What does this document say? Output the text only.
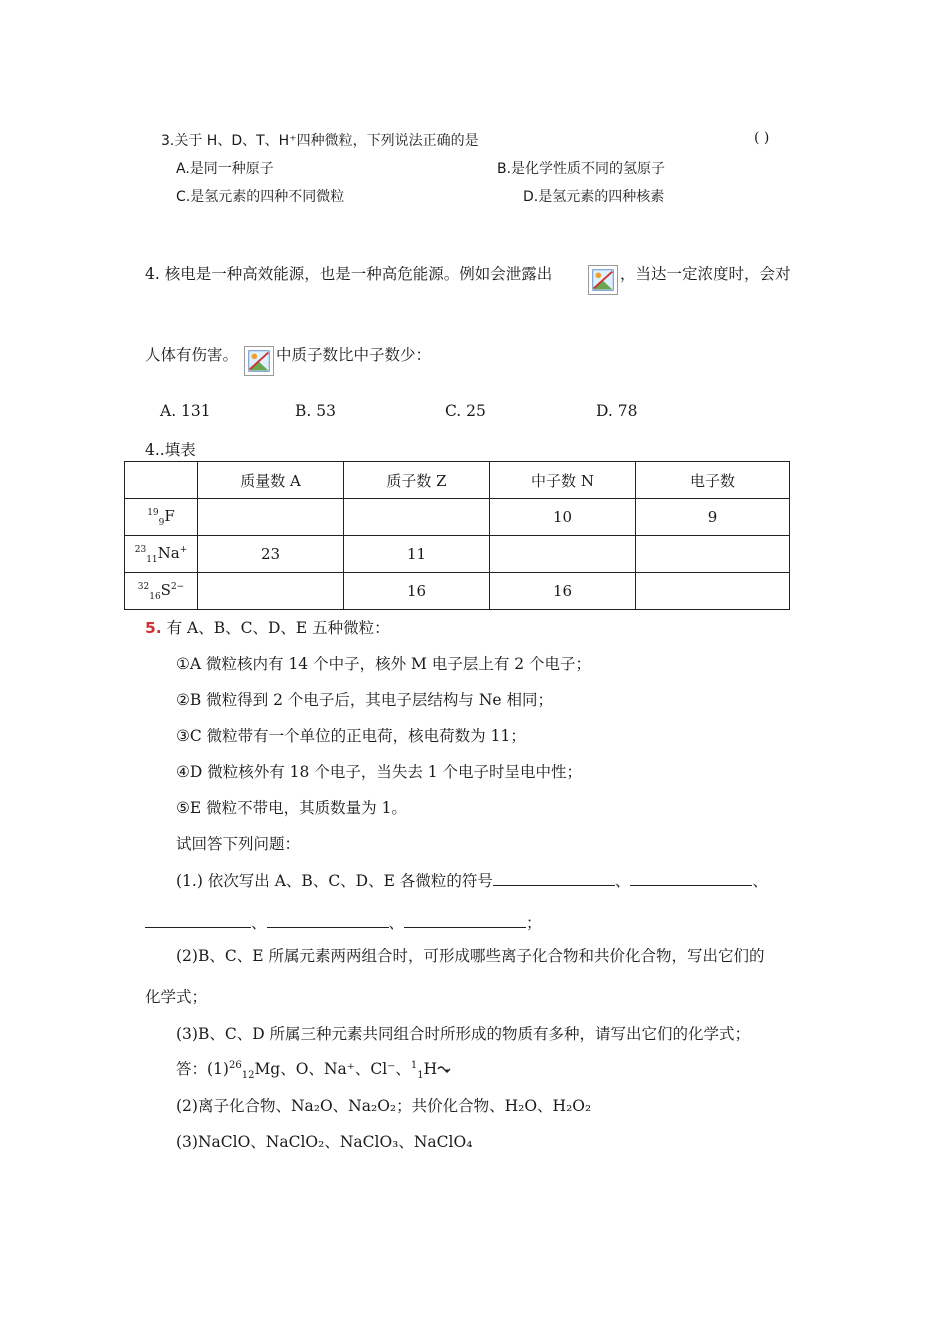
3.关于 H、D、T、H⁺四种微粒，下列说法正确的是	( )
A.是同一种原子	B.是化学性质不同的氢原子
C.是氢元素的四种不同微粒	D.是氢元素的四种核素
4. 核电是一种高效能源，也是一种高危能源。例如会泄露出	，当达一定浓度时，会对
人体有伤害。 中质子数比中子数少：
A. 131	B. 53	C. 25	D. 78
4..填表
	质量数 A	质子数 Z	中子数 N	电子数
$^{19}_9$F			10	9
$^{23}_{11}$Na+	23	11		
$^{32}_{16}S^{2-}$		16	16	
5. 有 A、B、C、D、E 五种微粒：
①A 微粒核内有 14 个中子，核外 M 电子层上有 2 个电子；
②B 微粒得到 2 个电子后，其电子层结构与 Ne 相同；
③C 微粒带有一个单位的正电荷，核电荷数为 11；
④D 微粒核外有 18 个电子，当失去 1 个电子时呈电中性；
⑤E 微粒不带电，其质数量为 1。
试回答下列问题：
(1.) 依次写出 A、B、C、D、E 各微粒的符号	、	、
、	、	；
(2)B、C、E 所属元素两两组合时，可形成哪些离子化合物和共价化合物，写出它们的
化学式；
(3)B、C、D 所属三种元素共同组合时所形成的物质有多种，请写出它们的化学式；
答：$(1)^{26}_{12}Mg$、O、Na⁺、Cl⁻、$^1_1$H
(2)离子化合物、Na₂O、Na₂O₂；共价化合物、H₂O、H₂O₂
(3)NaClO、NaClO₂、NaClO₃、NaClO₄
